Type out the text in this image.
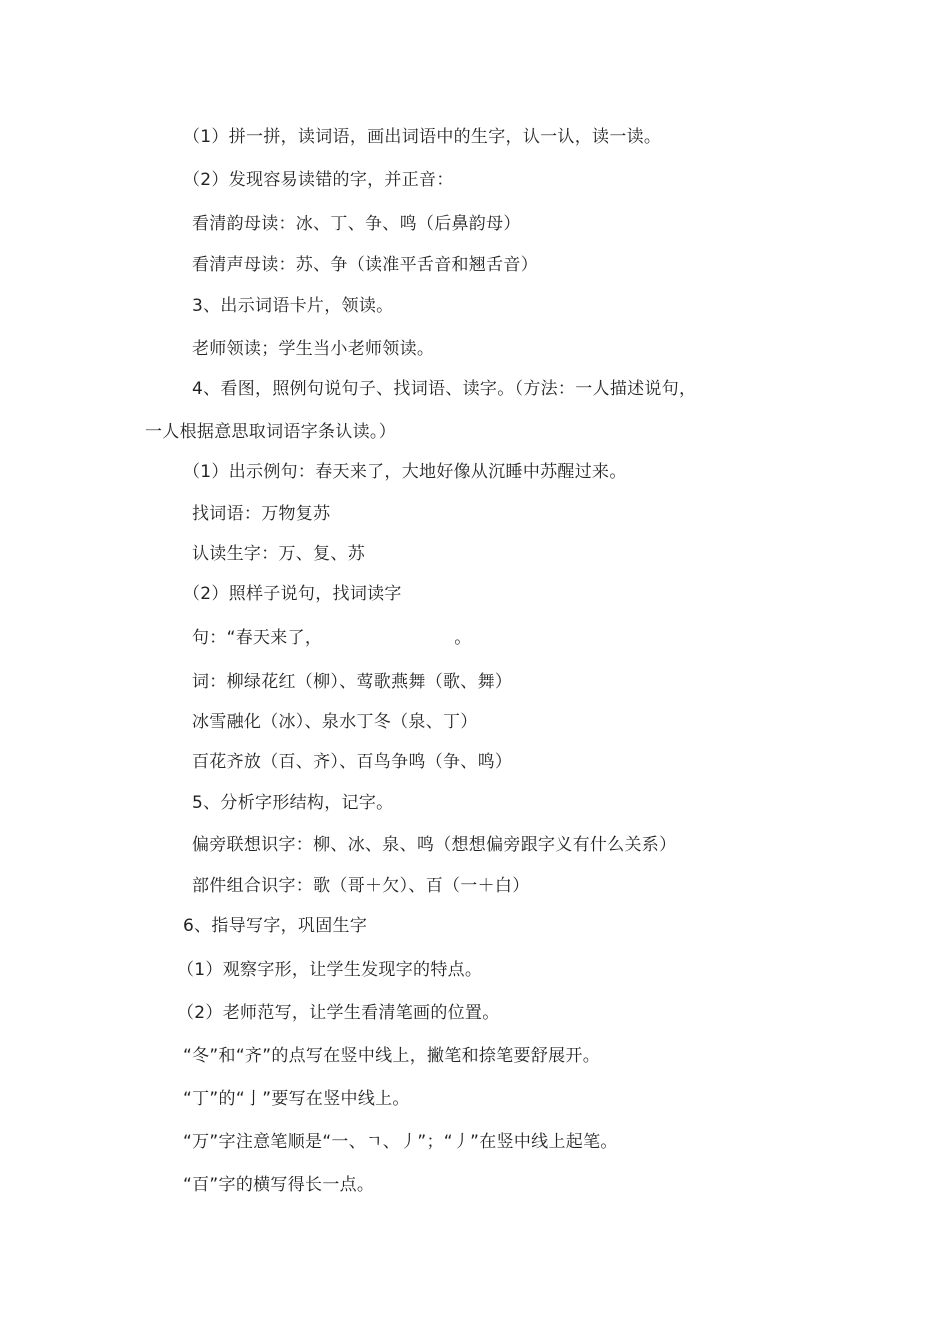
（1）拼一拼，读词语，画出词语中的生字，认一认，读一读。
（2）发现容易读错的字，并正音：
看清韵母读：冰、丁、争、鸣（后鼻韵母）
看清声母读：苏、争（读准平舌音和翘舌音）
3、出示词语卡片，领读。
老师领读；学生当小老师领读。
4、看图，照例句说句子、找词语、读字。（方法：一人描述说句，
一人根据意思取词语字条认读。）
（1）出示例句：春天来了，大地好像从沉睡中苏醒过来。
找词语：万物复苏
认读生字：万、复、苏
（2）照样子说句，找词读字
句：“春天来了，	。
词：柳绿花红（柳）、莺歌燕舞（歌、舞）
冰雪融化（冰）、泉水丁冬（泉、丁）
百花齐放（百、齐）、百鸟争鸣（争、鸣）
5、分析字形结构，记字。
偏旁联想识字：柳、冰、泉、鸣（想想偏旁跟字义有什么关系）
部件组合识字：歌（哥＋欠）、百（一＋白）
6、指导写字，巩固生字
（1）观察字形，让学生发现字的特点。
（2）老师范写，让学生看清笔画的位置。
“冬”和“齐”的点写在竖中线上，撇笔和捺笔要舒展开。
“丁”的“亅”要写在竖中线上。
“万”字注意笔顺是“一、ㄱ、丿”；“丿”在竖中线上起笔。
“百”字的横写得长一点。
